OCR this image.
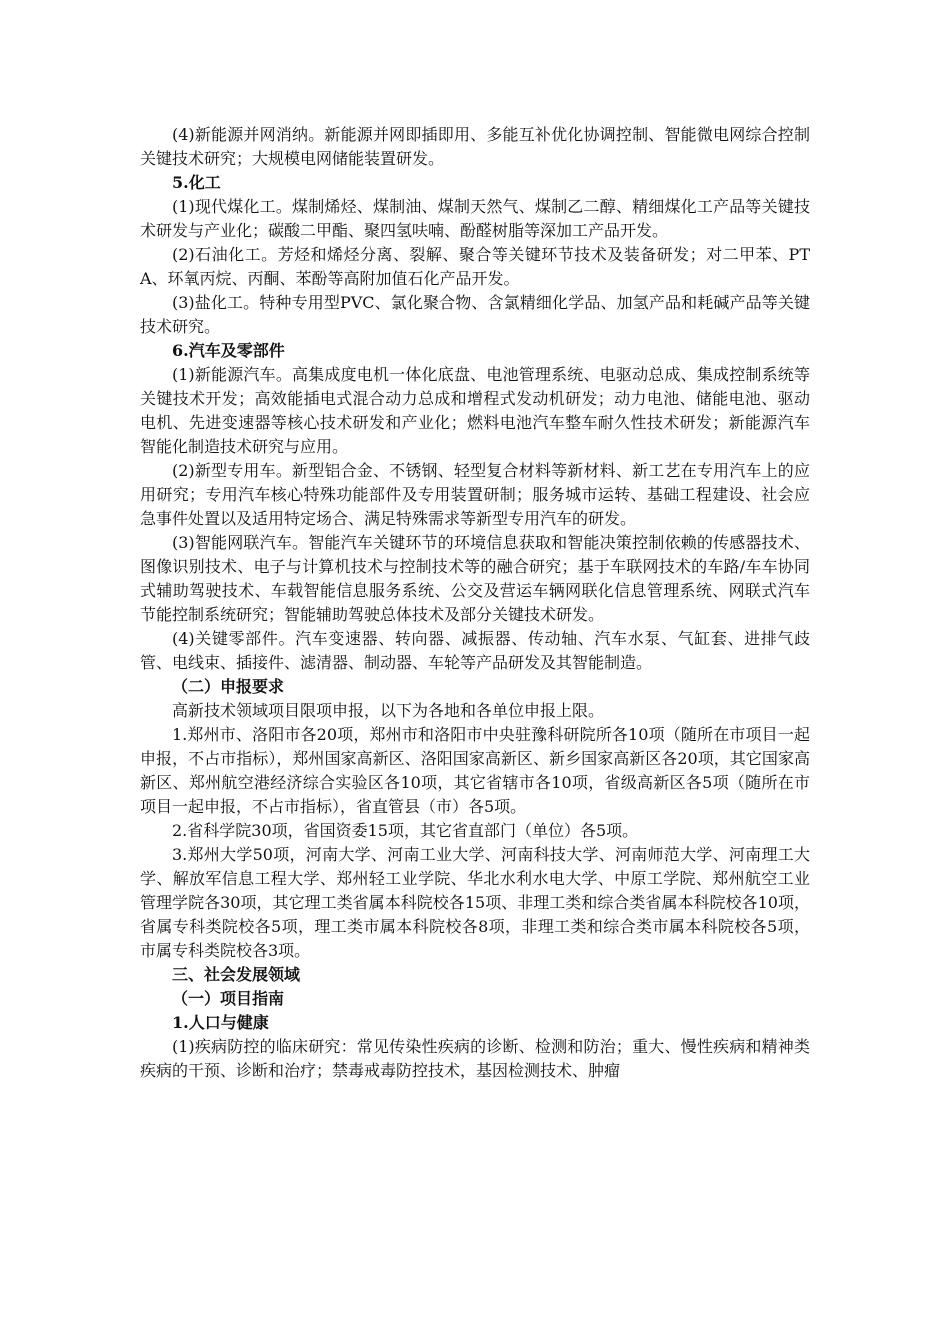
(4)新能源并网消纳。新能源并网即插即用、多能互补优化协调控制、智能微电网综合控制关键技术研究；大规模电网储能装置研发。

5.化工

(1)现代煤化工。煤制烯烃、煤制油、煤制天然气、煤制乙二醇、精细煤化工产品等关键技术研发与产业化；碳酸二甲酯、聚四氢呋喃、酚醛树脂等深加工产品开发。

(2)石油化工。芳烃和烯烃分离、裂解、聚合等关键环节技术及装备研发；对二甲苯、PTA、环氧丙烷、丙酮、苯酚等高附加值石化产品开发。

(3)盐化工。特种专用型PVC、氯化聚合物、含氯精细化学品、加氢产品和耗碱产品等关键技术研究。

6.汽车及零部件

(1)新能源汽车。高集成度电机一体化底盘、电池管理系统、电驱动总成、集成控制系统等关键技术开发；高效能插电式混合动力总成和增程式发动机研发；动力电池、储能电池、驱动电机、先进变速器等核心技术研发和产业化；燃料电池汽车整车耐久性技术研发；新能源汽车智能化制造技术研究与应用。

(2)新型专用车。新型铝合金、不锈钢、轻型复合材料等新材料、新工艺在专用汽车上的应用研究；专用汽车核心特殊功能部件及专用装置研制；服务城市运转、基础工程建设、社会应急事件处置以及适用特定场合、满足特殊需求等新型专用汽车的研发。

(3)智能网联汽车。智能汽车关键环节的环境信息获取和智能决策控制依赖的传感器技术、图像识别技术、电子与计算机技术与控制技术等的融合研究；基于车联网技术的车路/车车协同式辅助驾驶技术、车载智能信息服务系统、公交及营运车辆网联化信息管理系统、网联式汽车节能控制系统研究；智能辅助驾驶总体技术及部分关键技术研发。

(4)关键零部件。汽车变速器、转向器、减振器、传动轴、汽车水泵、气缸套、进排气歧管、电线束、插接件、滤清器、制动器、车轮等产品研发及其智能制造。

（二）申报要求

高新技术领域项目限项申报，以下为各地和各单位申报上限。

1.郑州市、洛阳市各20项，郑州市和洛阳市中央驻豫科研院所各10项（随所在市项目一起申报，不占市指标），郑州国家高新区、洛阳国家高新区、新乡国家高新区各20项，其它国家高新区、郑州航空港经济综合实验区各10项，其它省辖市各10项，省级高新区各5项（随所在市项目一起申报，不占市指标），省直管县（市）各5项。

2.省科学院30项，省国资委15项，其它省直部门（单位）各5项。

3.郑州大学50项，河南大学、河南工业大学、河南科技大学、河南师范大学、河南理工大学、解放军信息工程大学、郑州轻工业学院、华北水利水电大学、中原工学院、郑州航空工业管理学院各30项，其它理工类省属本科院校各15项、非理工类和综合类省属本科院校各10项，省属专科类院校各5项，理工类市属本科院校各8项，非理工类和综合类市属本科院校各5项，市属专科类院校各3项。

三、社会发展领域

（一）项目指南

1.人口与健康

(1)疾病防控的临床研究：常见传染性疾病的诊断、检测和防治；重大、慢性疾病和精神类疾病的干预、诊断和治疗；禁毒戒毒防控技术，基因检测技术、肿瘤
